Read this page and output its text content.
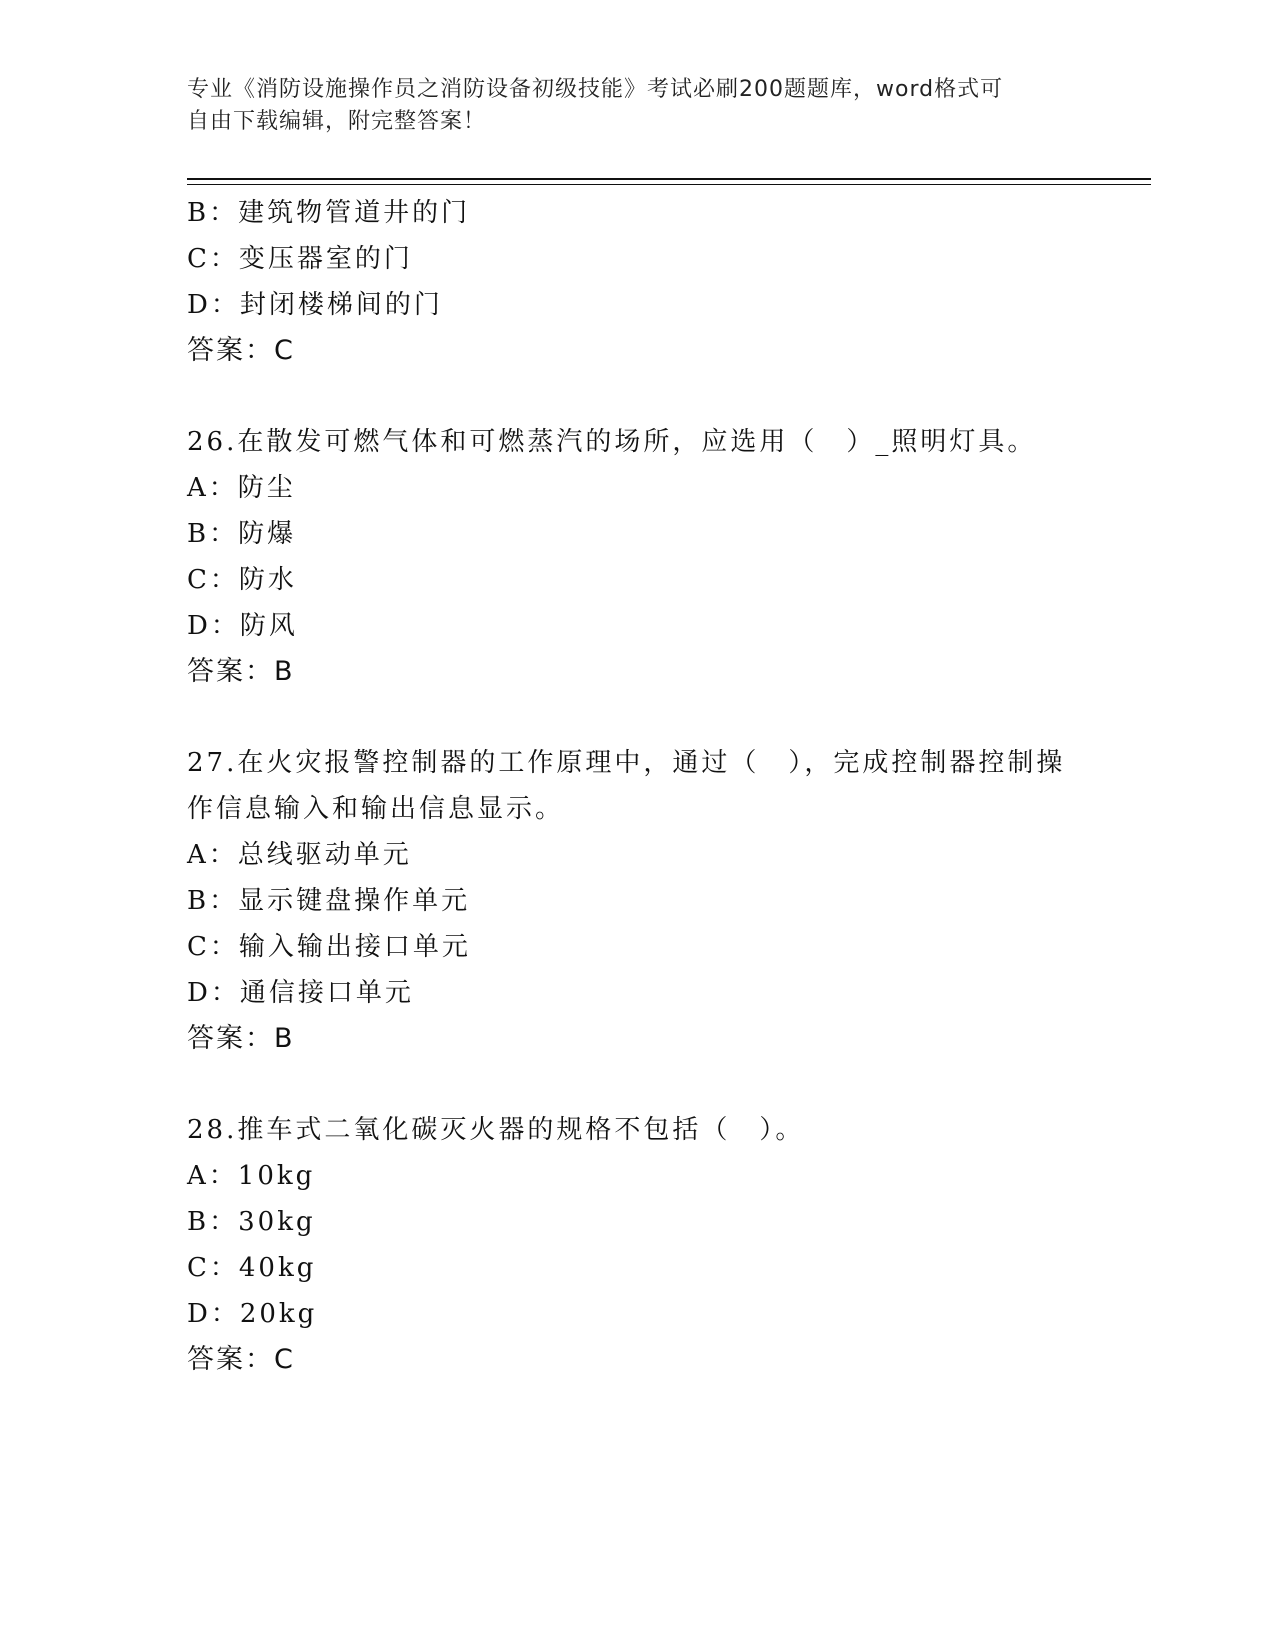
专业《消防设施操作员之消防设备初级技能》考试必刷200题题库，word格式可
自由下载编辑，附完整答案！
B：建筑物管道井的门
C：变压器室的门
D：封闭楼梯间的门
答案：C
26.在散发可燃气体和可燃蒸汽的场所，应选用（　）_照明灯具。
A：防尘
B：防爆
C：防水
D：防风
答案：B
27.在火灾报警控制器的工作原理中，通过（　），完成控制器控制操
作信息输入和输出信息显示。
A：总线驱动单元
B：显示键盘操作单元
C：输入输出接口单元
D：通信接口单元
答案：B
28.推车式二氧化碳灭火器的规格不包括（　）。
A：10kg
B：30kg
C：40kg
D：20kg
答案：C
